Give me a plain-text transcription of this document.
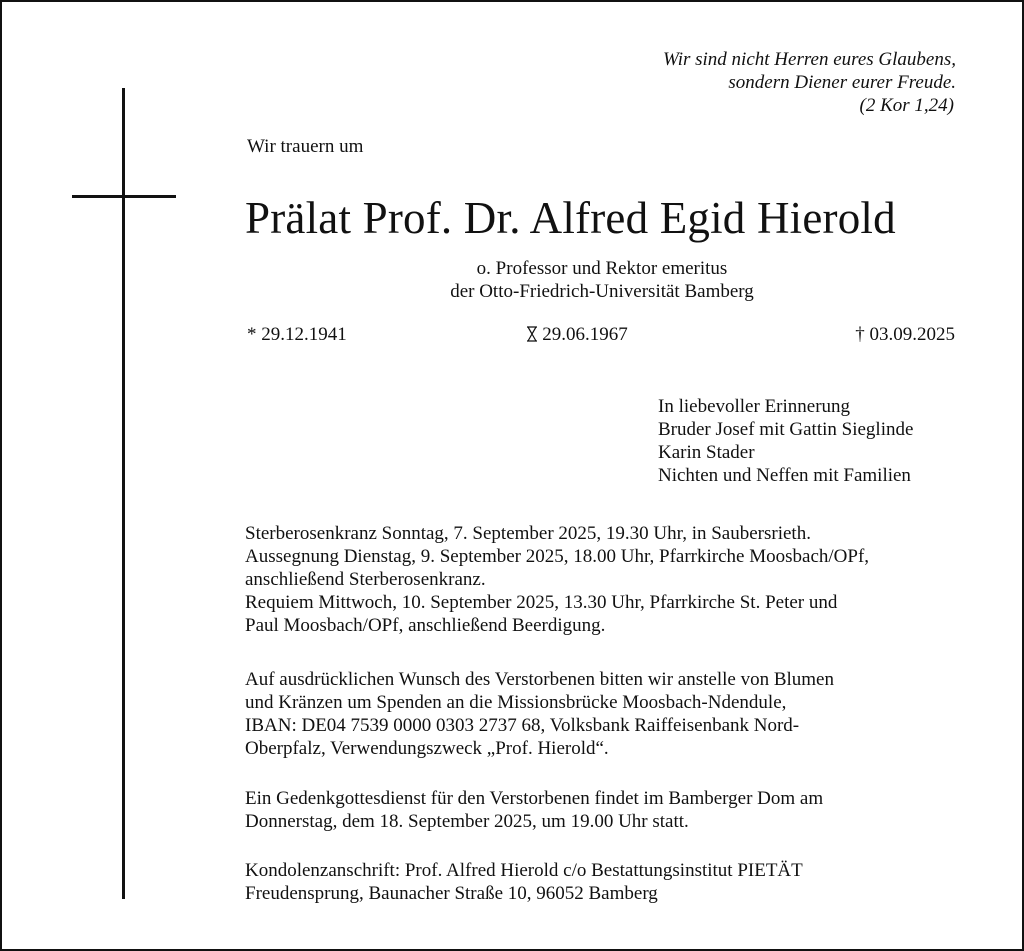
Wir sind nicht Herren eures Glaubens,
sondern Diener eurer Freude.
(2 Kor 1,24)
Wir trauern um
Prälat Prof. Dr. Alfred Egid Hierold
o. Professor und Rektor emeritus
der Otto-Friedrich-Universität Bamberg
* 29.12.1941	29.06.1967	† 03.09.2025
In liebevoller Erinnerung
Bruder Josef mit Gattin Sieglinde
Karin Stader
Nichten und Neffen mit Familien
Sterberosenkranz Sonntag, 7. September 2025, 19.30 Uhr, in Saubersrieth.
Aussegnung Dienstag, 9. September 2025, 18.00 Uhr, Pfarrkirche Moosbach/OPf,
anschließend Sterberosenkranz.
Requiem Mittwoch, 10. September 2025, 13.30 Uhr, Pfarrkirche St. Peter und
Paul Moosbach/OPf, anschließend Beerdigung.
Auf ausdrücklichen Wunsch des Verstorbenen bitten wir anstelle von Blumen
und Kränzen um Spenden an die Missionsbrücke Moosbach-Ndendule,
IBAN: DE04 7539 0000 0303 2737 68, Volksbank Raiffeisenbank Nord-
Oberpfalz, Verwendungszweck „Prof. Hierold“.
Ein Gedenkgottesdienst für den Verstorbenen findet im Bamberger Dom am
Donnerstag, dem 18. September 2025, um 19.00 Uhr statt.
Kondolenzanschrift: Prof. Alfred Hierold c/o Bestattungsinstitut PIETÄT
Freudensprung, Baunacher Straße 10, 96052 Bamberg
